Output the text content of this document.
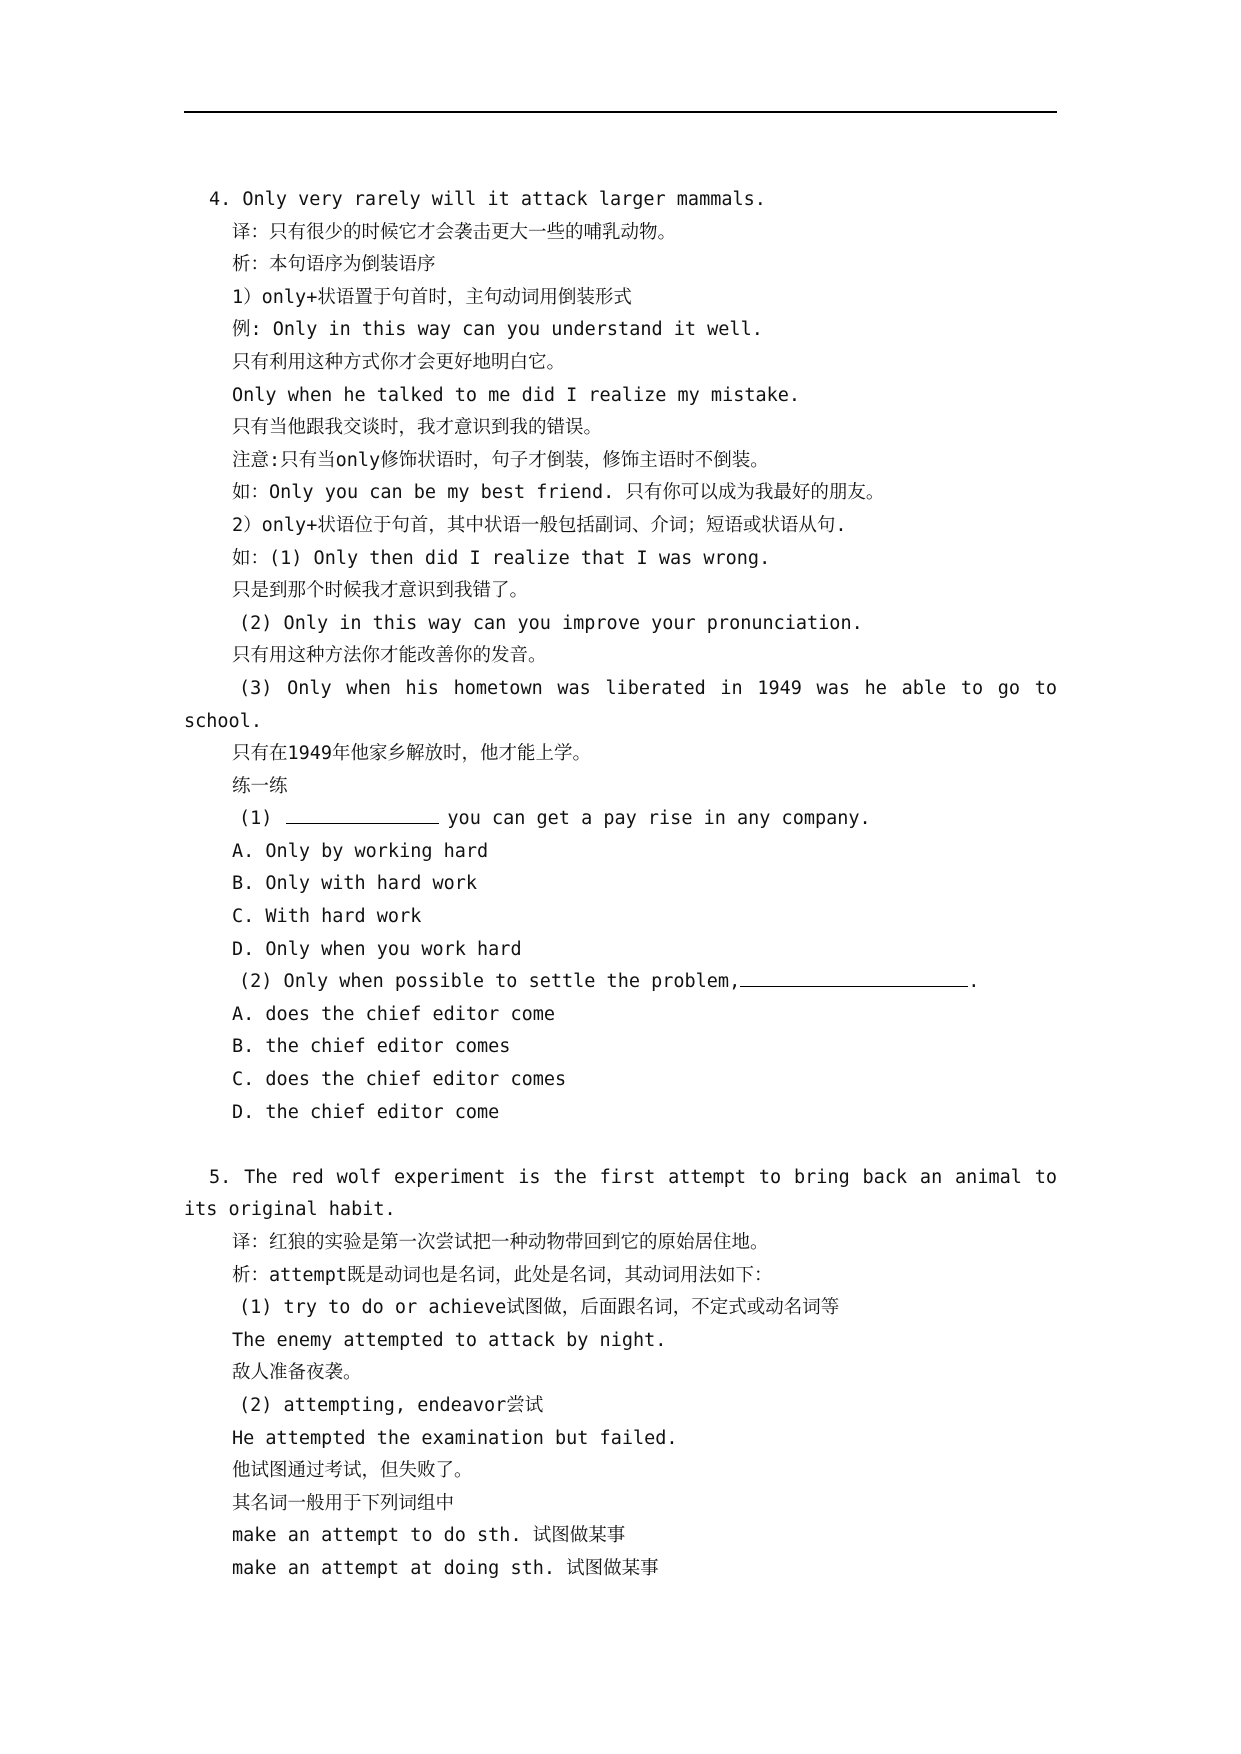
4. Only very rarely will it attack larger mammals.
译：只有很少的时候它才会袭击更大一些的哺乳动物。
析：本句语序为倒装语序
1）only+状语置于句首时，主句动词用倒装形式
例: Only in this way can you understand it well.
只有利用这种方式你才会更好地明白它。
Only when he talked to me did I realize my mistake.
只有当他跟我交谈时，我才意识到我的错误。
注意:只有当only修饰状语时，句子才倒装，修饰主语时不倒装。
如：Only you can be my best friend. 只有你可以成为我最好的朋友。
2）only+状语位于句首，其中状语一般包括副词、介词；短语或状语从句.
如：(1) Only then did I realize that I was wrong.
只是到那个时候我才意识到我错了。
(2) Only in this way can you improve your pronunciation.
只有用这种方法你才能改善你的发音。
(3) Only when his hometown was liberated in 1949 was he able to go to
school.
只有在1949年他家乡解放时，他才能上学。
练一练
(1)	you can get a pay rise in any company.
A. Only by working hard
B. Only with hard work
C. With hard work
D. Only when you work hard
(2) Only when possible to settle the problem,	.
A. does the chief editor come
B. the chief editor comes
C. does the chief editor comes
D. the chief editor come
5. The red wolf experiment is the first attempt to bring back an animal to
its original habit.
译：红狼的实验是第一次尝试把一种动物带回到它的原始居住地。
析：attempt既是动词也是名词，此处是名词，其动词用法如下：
(1) try to do or achieve试图做，后面跟名词，不定式或动名词等
The enemy attempted to attack by night.
敌人准备夜袭。
(2) attempting, endeavor尝试
He attempted the examination but failed.
他试图通过考试，但失败了。
其名词一般用于下列词组中
make an attempt to do sth. 试图做某事
make an attempt at doing sth. 试图做某事
